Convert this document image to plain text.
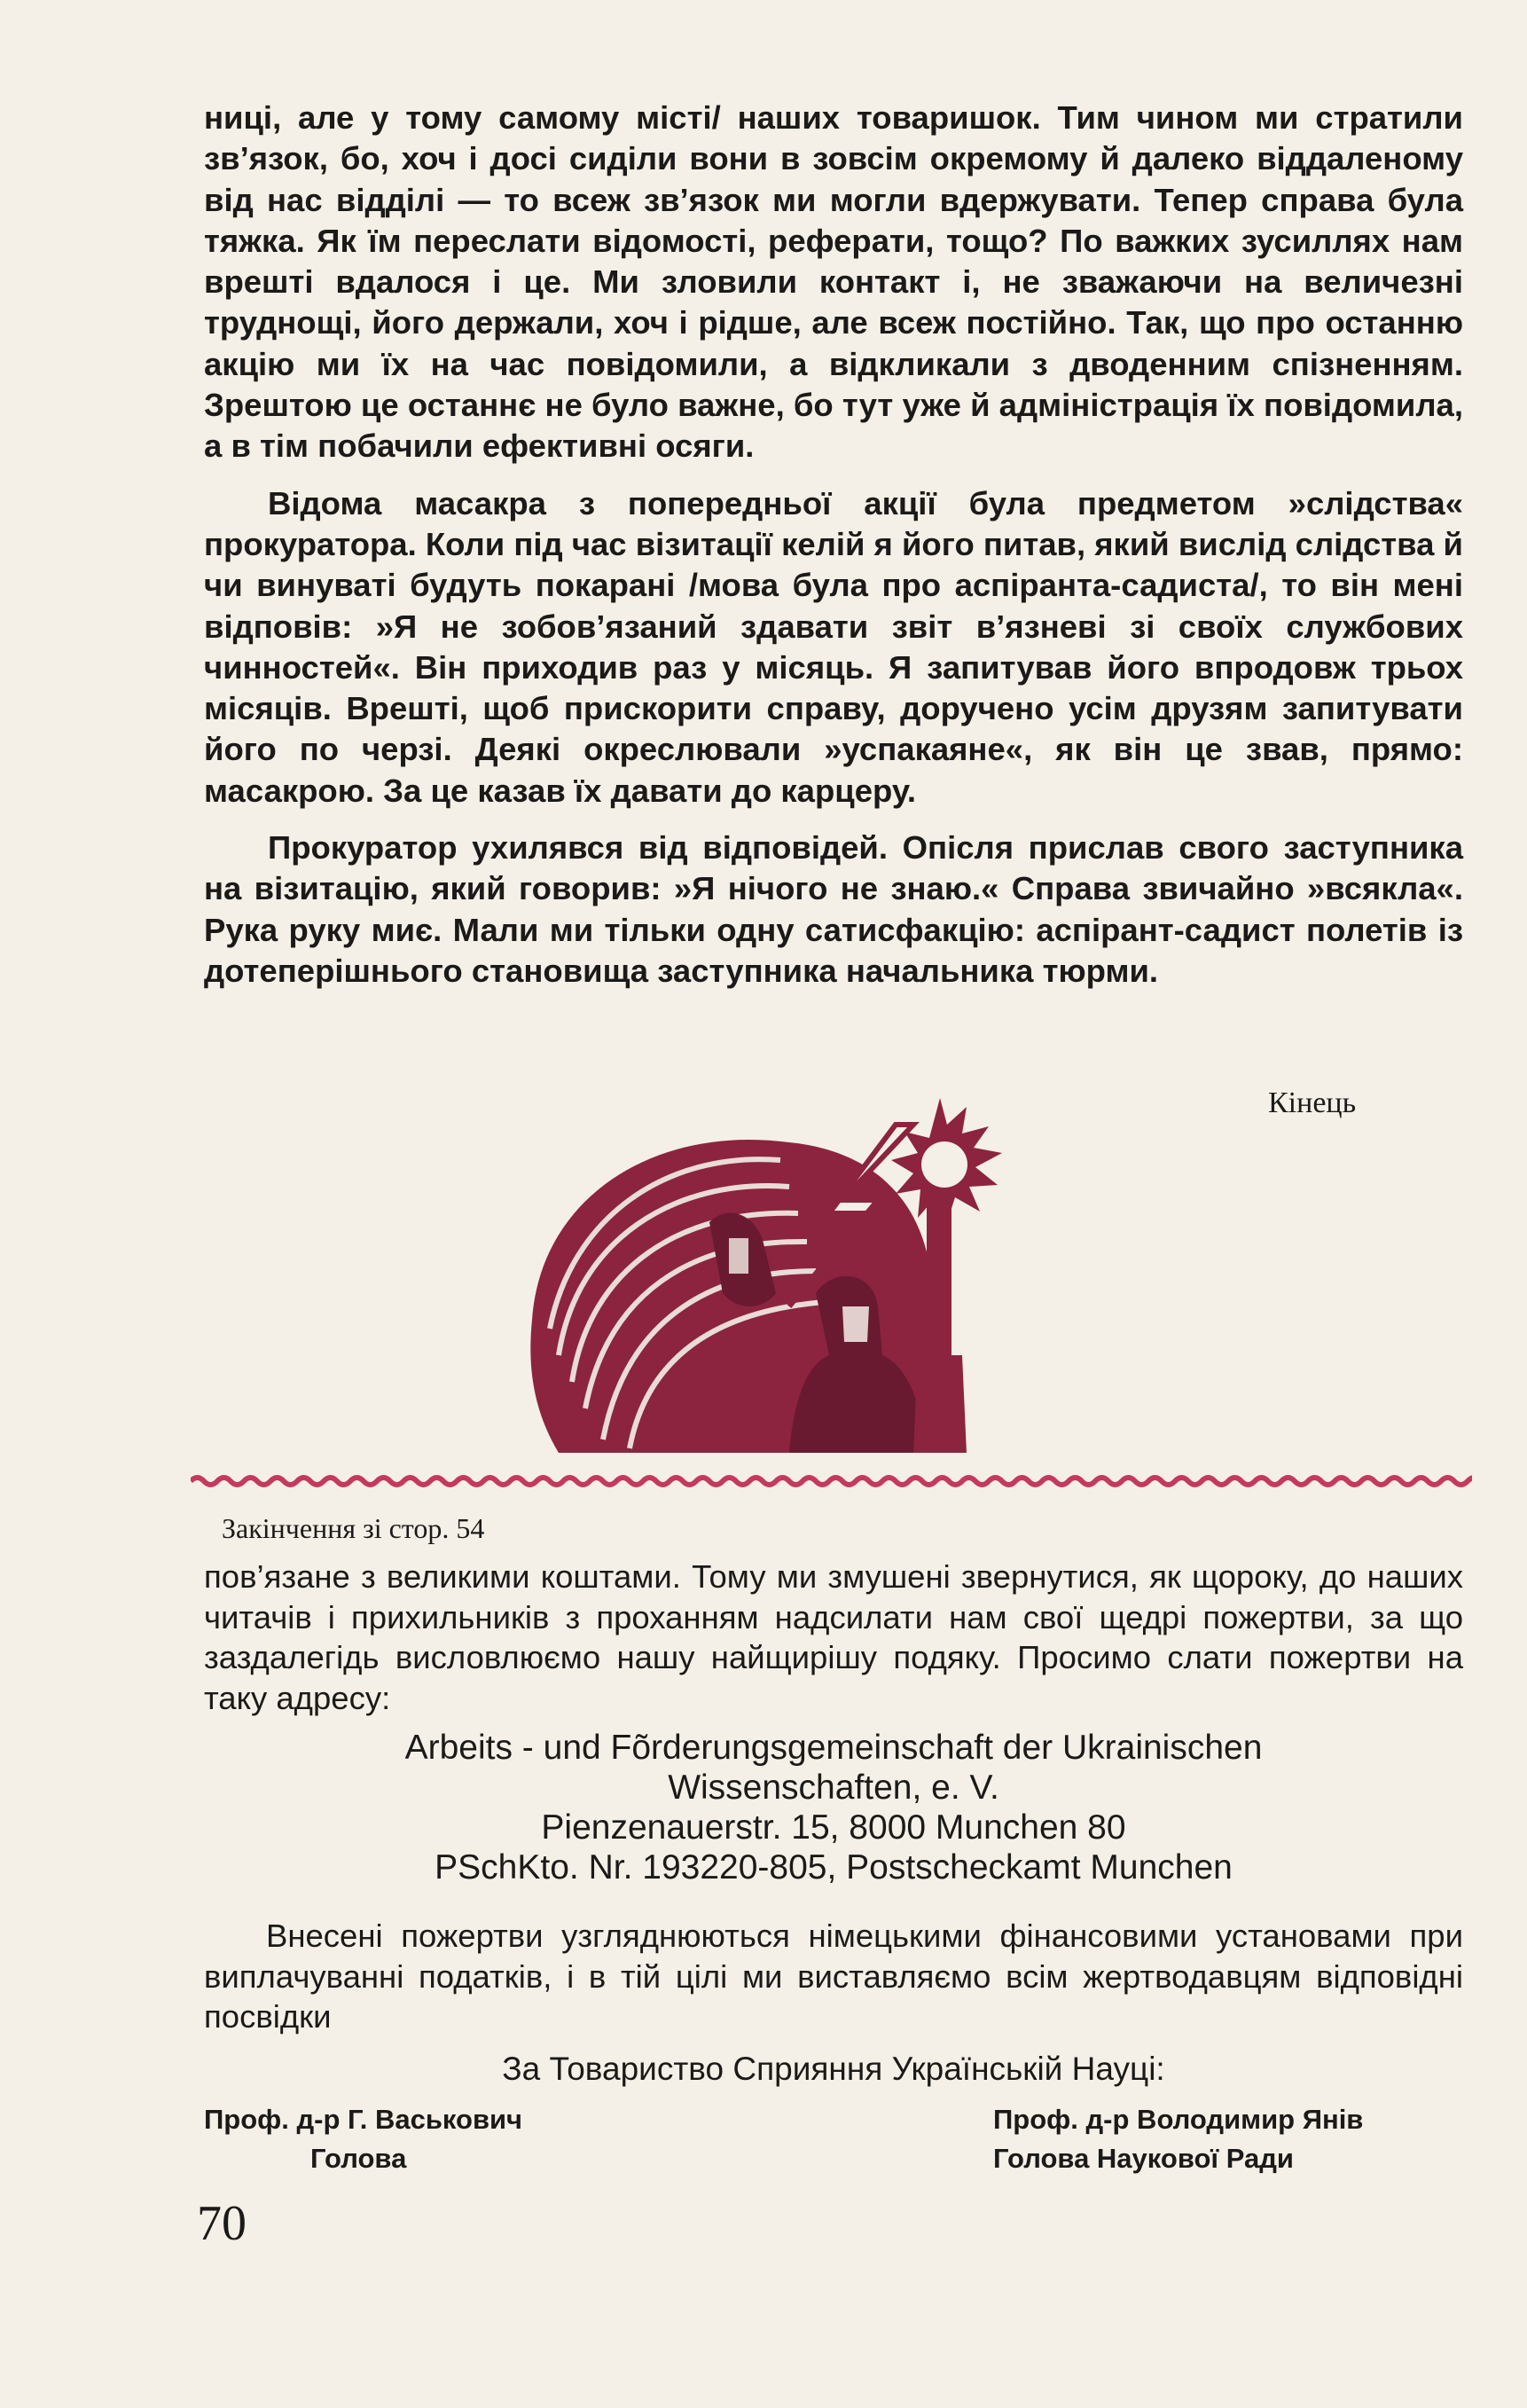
ниці, але у тому самому місті/ наших товаришок. Тим чином ми стратили зв’язок, бо, хоч і досі сиділи вони в зовсім окремому й далеко віддаленому від нас відділі — то всеж зв’язок ми могли вдержувати. Тепер справа була тяжка. Як їм переслати відомості, реферати, тощо? По важких зусиллях нам врешті вдалося і це. Ми зловили контакт і, не зважаючи на величезні труднощі, його держали, хоч і рідше, але всеж постійно. Так, що про останню акцію ми їх на час повідомили, а відкликали з дводенним спізненням. Зрештою це останнє не було важне, бо тут уже й адміністрація їх повідомила, а в тім побачили ефективні осяги.

Відома масакра з попередньої акції була предметом »слідства« прокуратора. Коли під час візитації келій я його питав, який вислід слідства й чи винуваті будуть покарані /мова була про аспіранта-садиста/, то він мені відповів: »Я не зобов’язаний здавати звіт в’язневі зі своїх службових чинностей«. Він приходив раз у місяць. Я запитував його впродовж трьох місяців. Врешті, щоб прискорити справу, доручено усім друзям запитувати його по черзі. Деякі окреслювали »успакаяне«, як він це звав, прямо: масакрою. За це казав їх давати до карцеру.

Прокуратор ухилявся від відповідей. Опісля прислав свого заступника на візитацію, який говорив: »Я нічого не знаю.« Справа звичайно »всякла«. Рука руку миє. Мали ми тільки одну сатисфакцію: аспірант-садист полетів із дотеперішнього становища заступника начальника тюрми.

Кінець
Закінчення зі стор. 54

пов’язане з великими коштами. Тому ми змушені звернутися, як щороку, до наших читачів і прихильників з проханням надсилати нам свої щедрі пожертви, за що заздалегідь висловлюємо нашу найщирішу подяку. Просимо слати пожертви на таку адресу:

Arbeits - und Fõrderungsgemeinschaft der Ukrainischen
Wissenschaften, e. V.
Pienzenauerstr. 15, 8000 Munchen 80
PSchKto. Nr. 193220-805, Postscheckamt Munchen

Внесені пожертви узгляднюються німецькими фінансовими установами при виплачуванні податків, і в тій цілі ми виставляємо всім жертводавцям відповідні посвідки

За Товариство Сприяння Українській Науці:
Проф. д-р Г. Васькович
Голова
Проф. д-р Володимир Янів
Голова Наукової Ради
70
